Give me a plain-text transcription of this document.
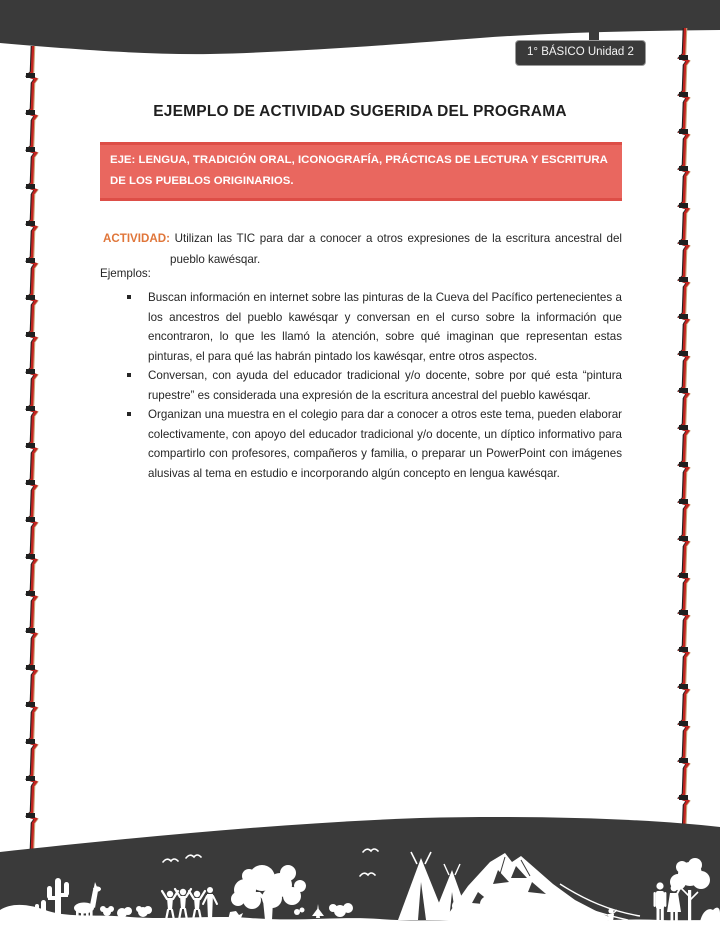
1° BÁSICO Unidad 2
EJEMPLO DE ACTIVIDAD SUGERIDA DEL PROGRAMA
EJE: LENGUA, TRADICIÓN ORAL, ICONOGRAFÍA, PRÁCTICAS DE LECTURA Y ESCRITURA DE LOS PUEBLOS ORIGINARIOS.

ACTIVIDAD: Utilizan las TIC para dar a conocer a otros expresiones de la escritura ancestral del pueblo kawésqar.

Ejemplos:
Buscan información en internet sobre las pinturas de la Cueva del Pacífico pertenecientes a los ancestros del pueblo kawésqar y conversan en el curso sobre la información que encontraron, lo que les llamó la atención, sobre qué imaginan que representan estas pinturas, el para qué las habrán pintado los kawésqar, entre otros aspectos.
Conversan, con ayuda del educador tradicional y/o docente, sobre por qué esta “pintura rupestre” es considerada una expresión de la escritura ancestral del pueblo kawésqar.
Organizan una muestra en el colegio para dar a conocer a otros este tema, pueden elaborar colectivamente, con apoyo del educador tradicional y/o docente, un díptico informativo para compartirlo con profesores, compañeros y familia, o preparar un PowerPoint con imágenes alusivas al tema en estudio e incorporando algún concepto en lengua kawésqar.
